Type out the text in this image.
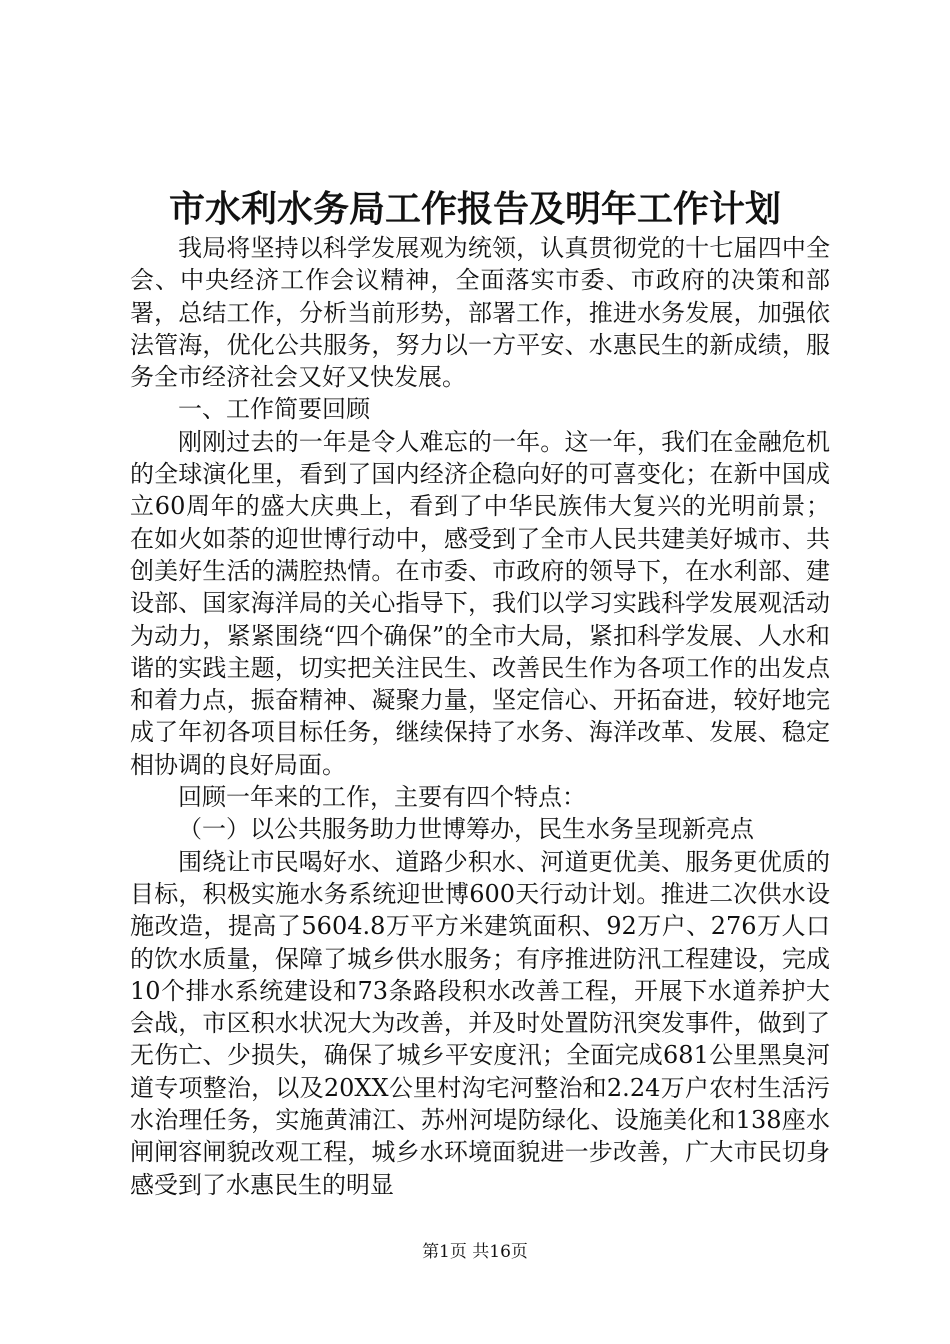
市水利水务局工作报告及明年工作计划

我局将坚持以科学发展观为统领，认真贯彻党的十七届四中全会、中央经济工作会议精神，全面落实市委、市政府的决策和部署，总结工作，分析当前形势，部署工作，推进水务发展，加强依法管海，优化公共服务，努力以一方平安、水惠民生的新成绩，服务全市经济社会又好又快发展。

一、工作简要回顾

刚刚过去的一年是令人难忘的一年。这一年，我们在金融危机的全球演化里，看到了国内经济企稳向好的可喜变化；在新中国成立60周年的盛大庆典上，看到了中华民族伟大复兴的光明前景；在如火如荼的迎世博行动中，感受到了全市人民共建美好城市、共创美好生活的满腔热情。在市委、市政府的领导下，在水利部、建设部、国家海洋局的关心指导下，我们以学习实践科学发展观活动为动力，紧紧围绕“四个确保”的全市大局，紧扣科学发展、人水和谐的实践主题，切实把关注民生、改善民生作为各项工作的出发点和着力点，振奋精神、凝聚力量，坚定信心、开拓奋进，较好地完成了年初各项目标任务，继续保持了水务、海洋改革、发展、稳定相协调的良好局面。

回顾一年来的工作，主要有四个特点：

（一）以公共服务助力世博筹办，民生水务呈现新亮点

围绕让市民喝好水、道路少积水、河道更优美、服务更优质的目标，积极实施水务系统迎世博600天行动计划。推进二次供水设施改造，提高了5604.8万平方米建筑面积、92万户、276万人口的饮水质量，保障了城乡供水服务；有序推进防汛工程建设，完成10个排水系统建设和73条路段积水改善工程，开展下水道养护大会战，市区积水状况大为改善，并及时处置防汛突发事件，做到了无伤亡、少损失，确保了城乡平安度汛；全面完成681公里黑臭河道专项整治，以及20XX公里村沟宅河整治和2.24万户农村生活污水治理任务，实施黄浦江、苏州河堤防绿化、设施美化和138座水闸闸容闸貌改观工程，城乡水环境面貌进一步改善，广大市民切身感受到了水惠民生的明显

第1页 共16页
